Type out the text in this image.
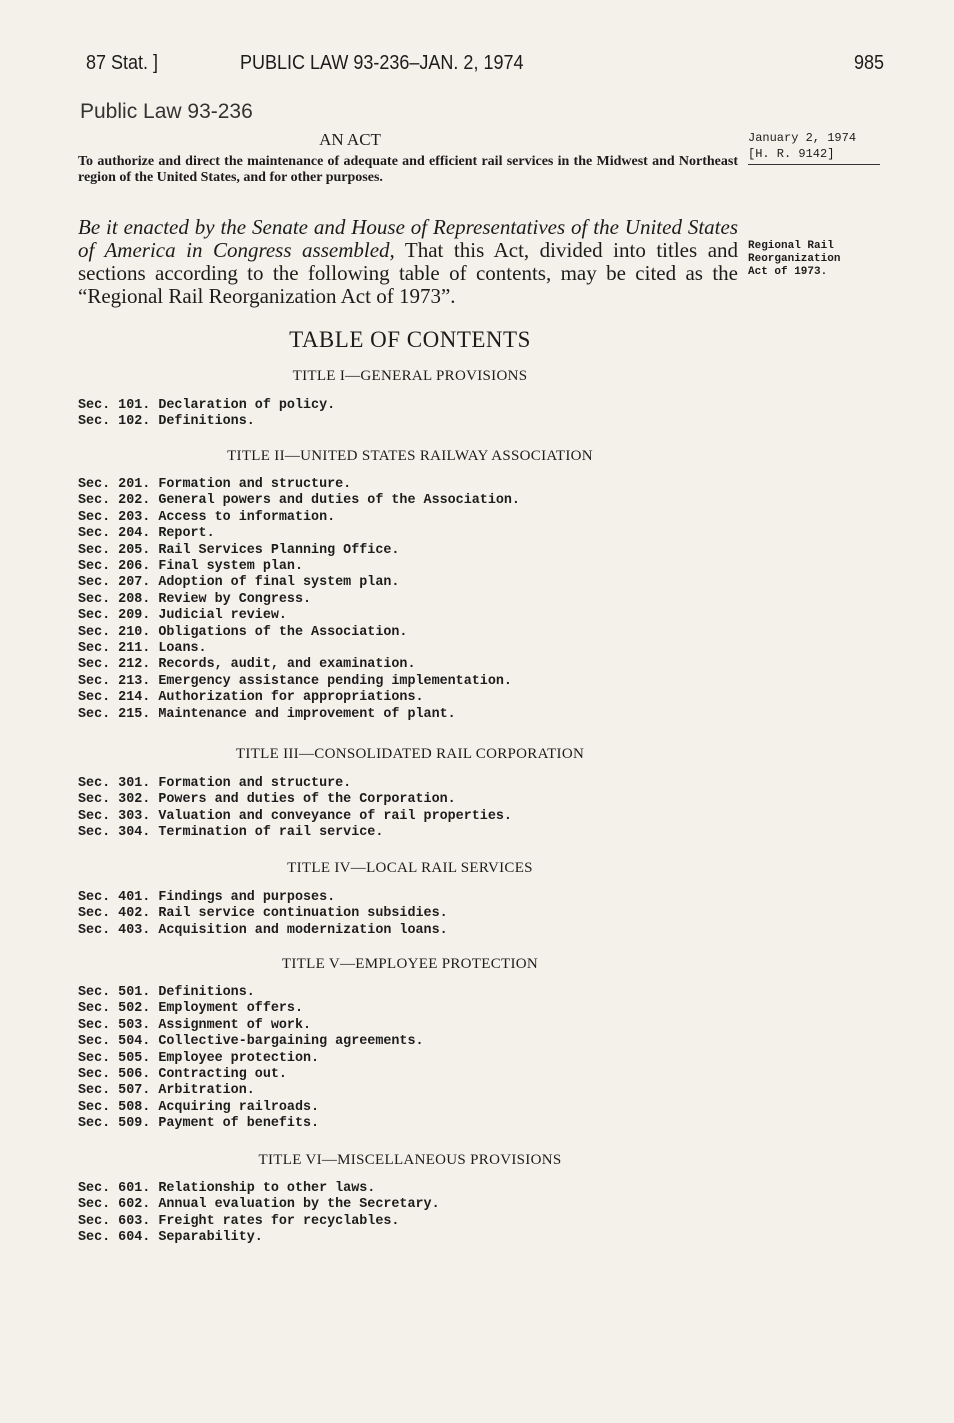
87 Stat. ]	PUBLIC LAW 93-236–JAN. 2, 1974	985
Public Law 93-236
AN ACT
To authorize and direct the maintenance of adequate and efficient rail services in the Midwest and Northeast region of the United States, and for other purposes.
January 2, 1974
[H. R. 9142]
Be it enacted by the Senate and House of Representatives of the United States of America in Congress assembled, That this Act, divided into titles and sections according to the following table of contents, may be cited as the “Regional Rail Reorganization Act of 1973”.
Regional Rail
Reorganization
Act of 1973.
TABLE OF CONTENTS
TITLE I—GENERAL PROVISIONS
Sec. 101. Declaration of policy.
Sec. 102. Definitions.
TITLE II—UNITED STATES RAILWAY ASSOCIATION
Sec. 201. Formation and structure.
Sec. 202. General powers and duties of the Association.
Sec. 203. Access to information.
Sec. 204. Report.
Sec. 205. Rail Services Planning Office.
Sec. 206. Final system plan.
Sec. 207. Adoption of final system plan.
Sec. 208. Review by Congress.
Sec. 209. Judicial review.
Sec. 210. Obligations of the Association.
Sec. 211. Loans.
Sec. 212. Records, audit, and examination.
Sec. 213. Emergency assistance pending implementation.
Sec. 214. Authorization for appropriations.
Sec. 215. Maintenance and improvement of plant.
TITLE III—CONSOLIDATED RAIL CORPORATION
Sec. 301. Formation and structure.
Sec. 302. Powers and duties of the Corporation.
Sec. 303. Valuation and conveyance of rail properties.
Sec. 304. Termination of rail service.
TITLE IV—LOCAL RAIL SERVICES
Sec. 401. Findings and purposes.
Sec. 402. Rail service continuation subsidies.
Sec. 403. Acquisition and modernization loans.
TITLE V—EMPLOYEE PROTECTION
Sec. 501. Definitions.
Sec. 502. Employment offers.
Sec. 503. Assignment of work.
Sec. 504. Collective-bargaining agreements.
Sec. 505. Employee protection.
Sec. 506. Contracting out.
Sec. 507. Arbitration.
Sec. 508. Acquiring railroads.
Sec. 509. Payment of benefits.
TITLE VI—MISCELLANEOUS PROVISIONS
Sec. 601. Relationship to other laws.
Sec. 602. Annual evaluation by the Secretary.
Sec. 603. Freight rates for recyclables.
Sec. 604. Separability.
